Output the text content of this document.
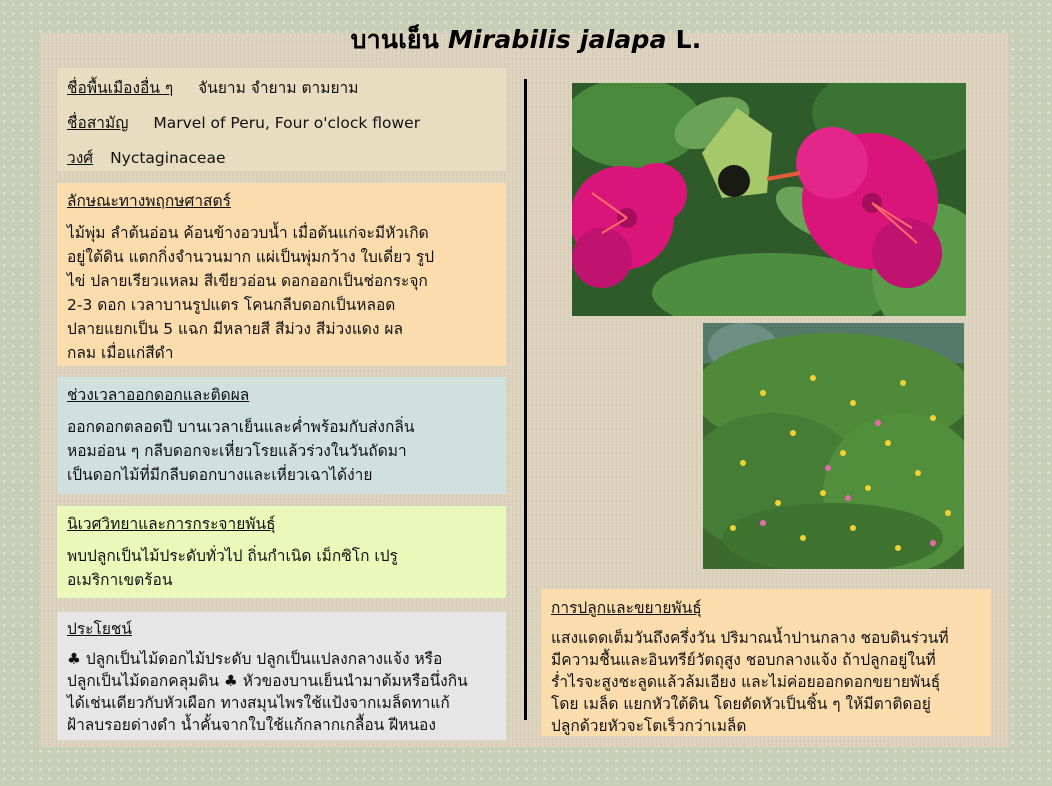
บานเย็น Mirabilis jalapa L.
ชื่อพื้นเมืองอื่น ๆ จันยาม จำยาม ตามยาม
ชื่อสามัญ Marvel of Peru, Four o'clock flower
วงศ์ Nyctaginaceae
ลักษณะทางพฤกษศาสตร์

ไม้พุ่ม ลำต้นอ่อน ค้อนข้างอวบน้ำ เมื่อต้นแก่จะมีหัวเกิด

อยู่ใต้ดิน แตกกิ่งจำนวนมาก แผ่เป็นพุ่มกว้าง ใบเดี่ยว รูป

ไข่ ปลายเรียวแหลม สีเขียวอ่อน ดอกออกเป็นช่อกระจุก

2-3 ดอก เวลาบานรูปแตร โคนกลีบดอกเป็นหลอด

ปลายแยกเป็น 5 แฉก มีหลายสี สีม่วง สีม่วงแดง ผล

กลม เมื่อแก่สีดำ

ช่วงเวลาออกดอกและติดผล

ออกดอกตลอดปี บานเวลาเย็นและค่ำพร้อมกับส่งกลิ่น

หอมอ่อน ๆ กลีบดอกจะเหี่ยวโรยแล้วร่วงในวันถัดมา

เป็นดอกไม้ที่มีกลีบดอกบางและเหี่ยวเฉาได้ง่าย

นิเวศวิทยาและการกระจายพันธุ์

พบปลูกเป็นไม้ประดับทั่วไป ถิ่นกำเนิด เม็กซิโก เปรู

อเมริกาเขตร้อน

ประโยชน์

♣ ปลูกเป็นไม้ดอกไม้ประดับ ปลูกเป็นแปลงกลางแจ้ง หรือ

ปลูกเป็นไม้ดอกคลุมดิน ♣ หัวของบานเย็นนำมาต้มหรือนึ่งกิน

ได้เช่นเดียวกับหัวเผือก ทางสมุนไพรใช้แป้งจากเมล็ดทาแก้

ฝ้าลบรอยด่างดำ น้ำคั้นจากใบใช้แก้กลากเกลื้อน ฝีหนอง

การปลูกและขยายพันธุ์

แสงแดดเต็มวันถึงครึ่งวัน ปริมาณน้ำปานกลาง ชอบดินร่วนที่

มีความชื้นและอินทรีย์วัตถุสูง ชอบกลางแจ้ง ถ้าปลูกอยู่ในที่

ร่ำไรจะสูงชะลูดแล้วล้มเอียง และไม่ค่อยออกดอกขยายพันธุ์

โดย เมล็ด แยกหัวใต้ดิน โดยตัดหัวเป็นชิ้น ๆ ให้มีตาติดอยู่

ปลูกด้วยหัวจะโตเร็วกว่าเมล็ด
